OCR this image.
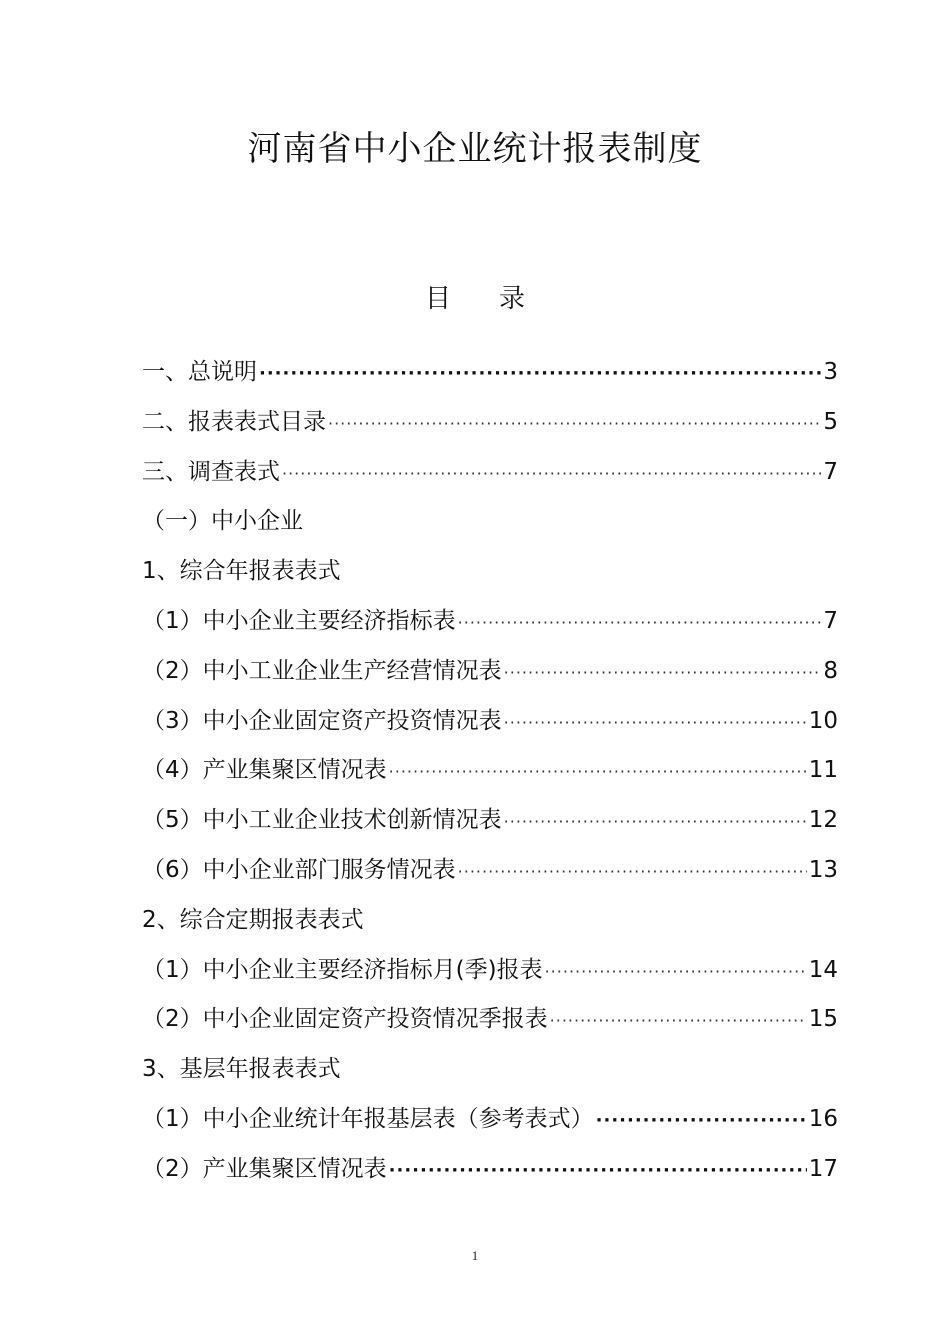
河南省中小企业统计报表制度
目录
一、总说明 ·····	3
二、报表表式目录 ·····	5
三、调查表式 ·····	7
（一）中小企业
1、综合年报表表式
（1）中小企业主要经济指标表 ·····	7
（2）中小工业企业生产经营情况表 ·····	8
（3）中小企业固定资产投资情况表 ·····	10
（4）产业集聚区情况表 ·····	11
（5）中小工业企业技术创新情况表 ·····	12
（6）中小企业部门服务情况表 ·····	13
2、综合定期报表表式
（1）中小企业主要经济指标月(季)报表 ·····	14
（2）中小企业固定资产投资情况季报表 ·····	15
3、基层年报表表式
（1）中小企业统计年报基层表（参考表式） ·····	16
（2）产业集聚区情况表 ·····	17
1
